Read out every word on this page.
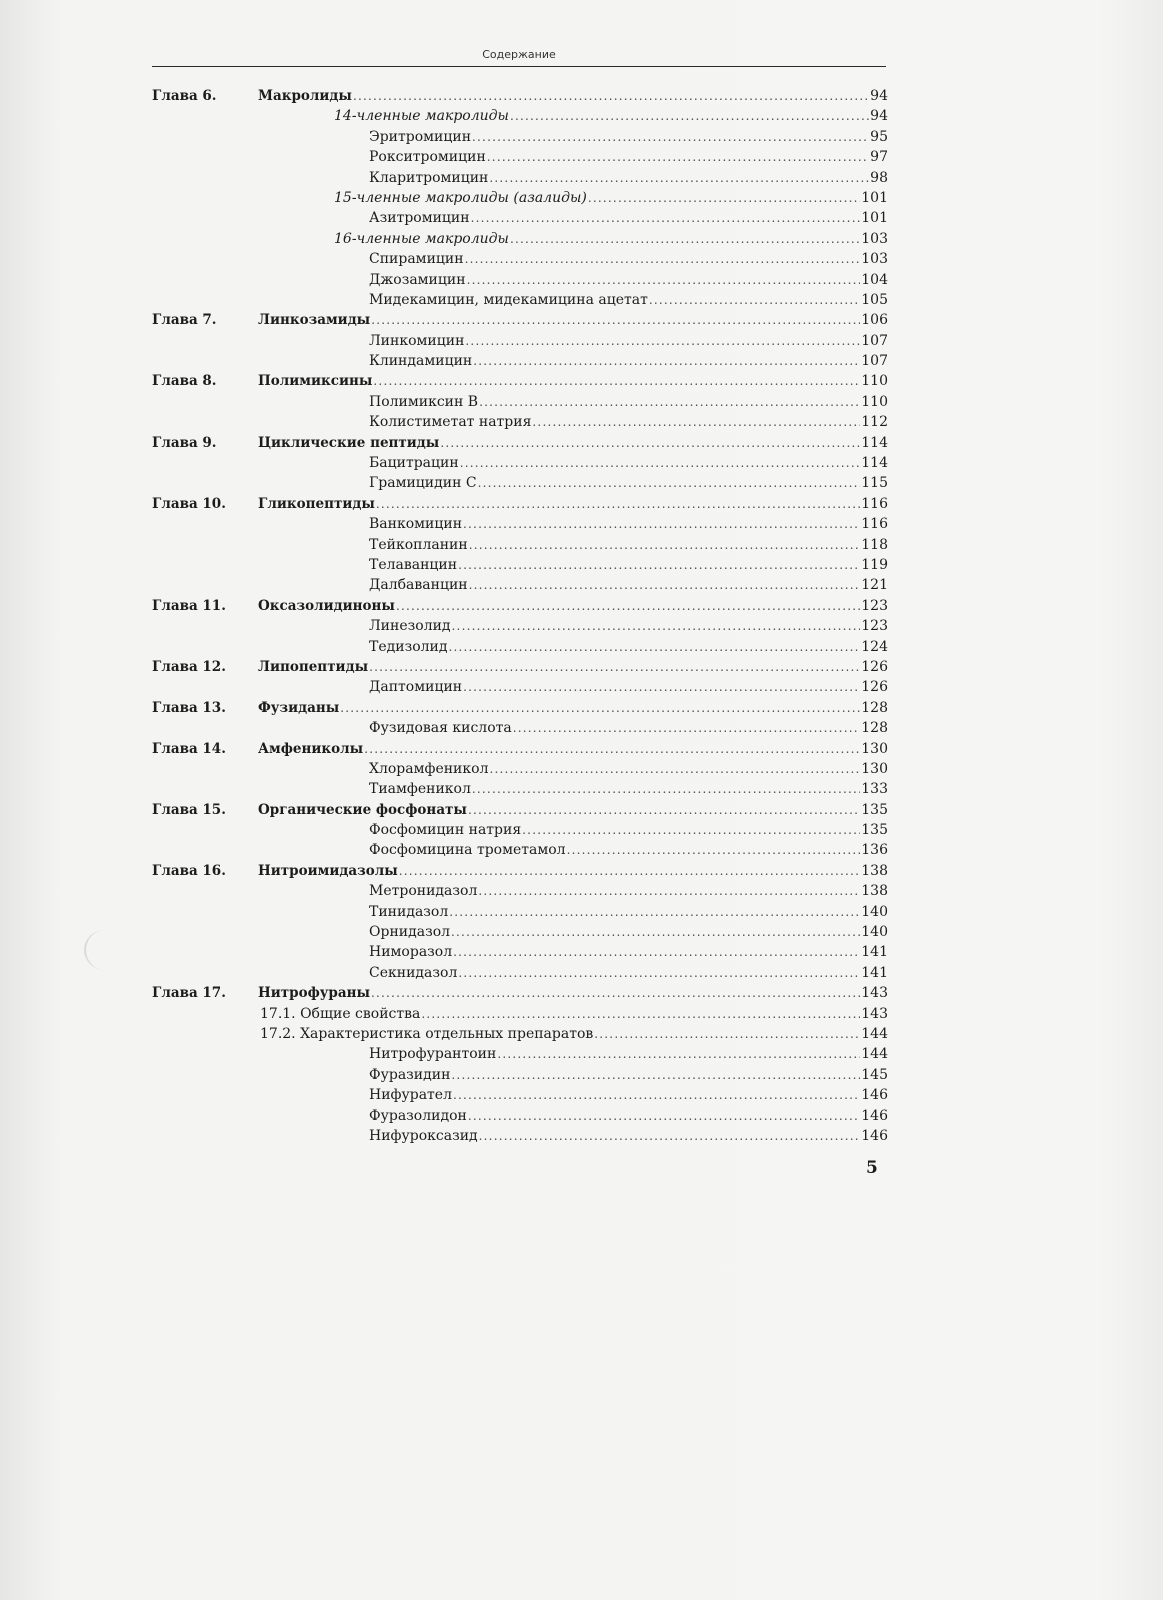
Содержание
Глава 6.	Макролиды .....	94
14-членные макролиды .....	94
Эритромицин .....	95
Рокситромицин .....	97
Кларитромицин .....	98
15-членные макролиды (азалиды) .....	101
Азитромицин .....	101
16-членные макролиды .....	103
Спирамицин .....	103
Джозамицин .....	104
Мидекамицин, мидекамицина ацетат .....	105
Глава 7.	Линкозамиды .....	106
Линкомицин .....	107
Клиндамицин .....	107
Глава 8.	Полимиксины .....	110
Полимиксин В .....	110
Колистиметат натрия .....	112
Глава 9.	Циклические пептиды .....	114
Бацитрацин .....	114
Грамицидин С .....	115
Глава 10. Гликопептиды .....	116
Ванкомицин .....	116
Тейкопланин .....	118
Телаванцин .....	119
Далбаванцин .....	121
Глава 11. Оксазолидиноны .....	123
Линезолид .....	123
Тедизолид .....	124
Глава 12. Липопептиды .....	126
Даптомицин .....	126
Глава 13. Фузиданы .....	128
Фузидовая кислота .....	128
Глава 14. Амфениколы .....	130
Хлорамфеникол .....	130
Тиамфеникол .....	133
Глава 15. Органические фосфонаты .....	135
Фосфомицин натрия .....	135
Фосфомицина трометамол .....	136
Глава 16. Нитроимидазолы .....	138
Метронидазол .....	138
Тинидазол .....	140
Орнидазол .....	140
Ниморазол .....	141
Секнидазол .....	141
Глава 17. Нитрофураны .....	143
17.1. Общие свойства .....	143
17.2. Характеристика отдельных препаратов .....	144
Нитрофурантоин .....	144
Фуразидин .....	145
Нифурател .....	146
Фуразолидон .....	146
Нифуроксазид .....	146
5
